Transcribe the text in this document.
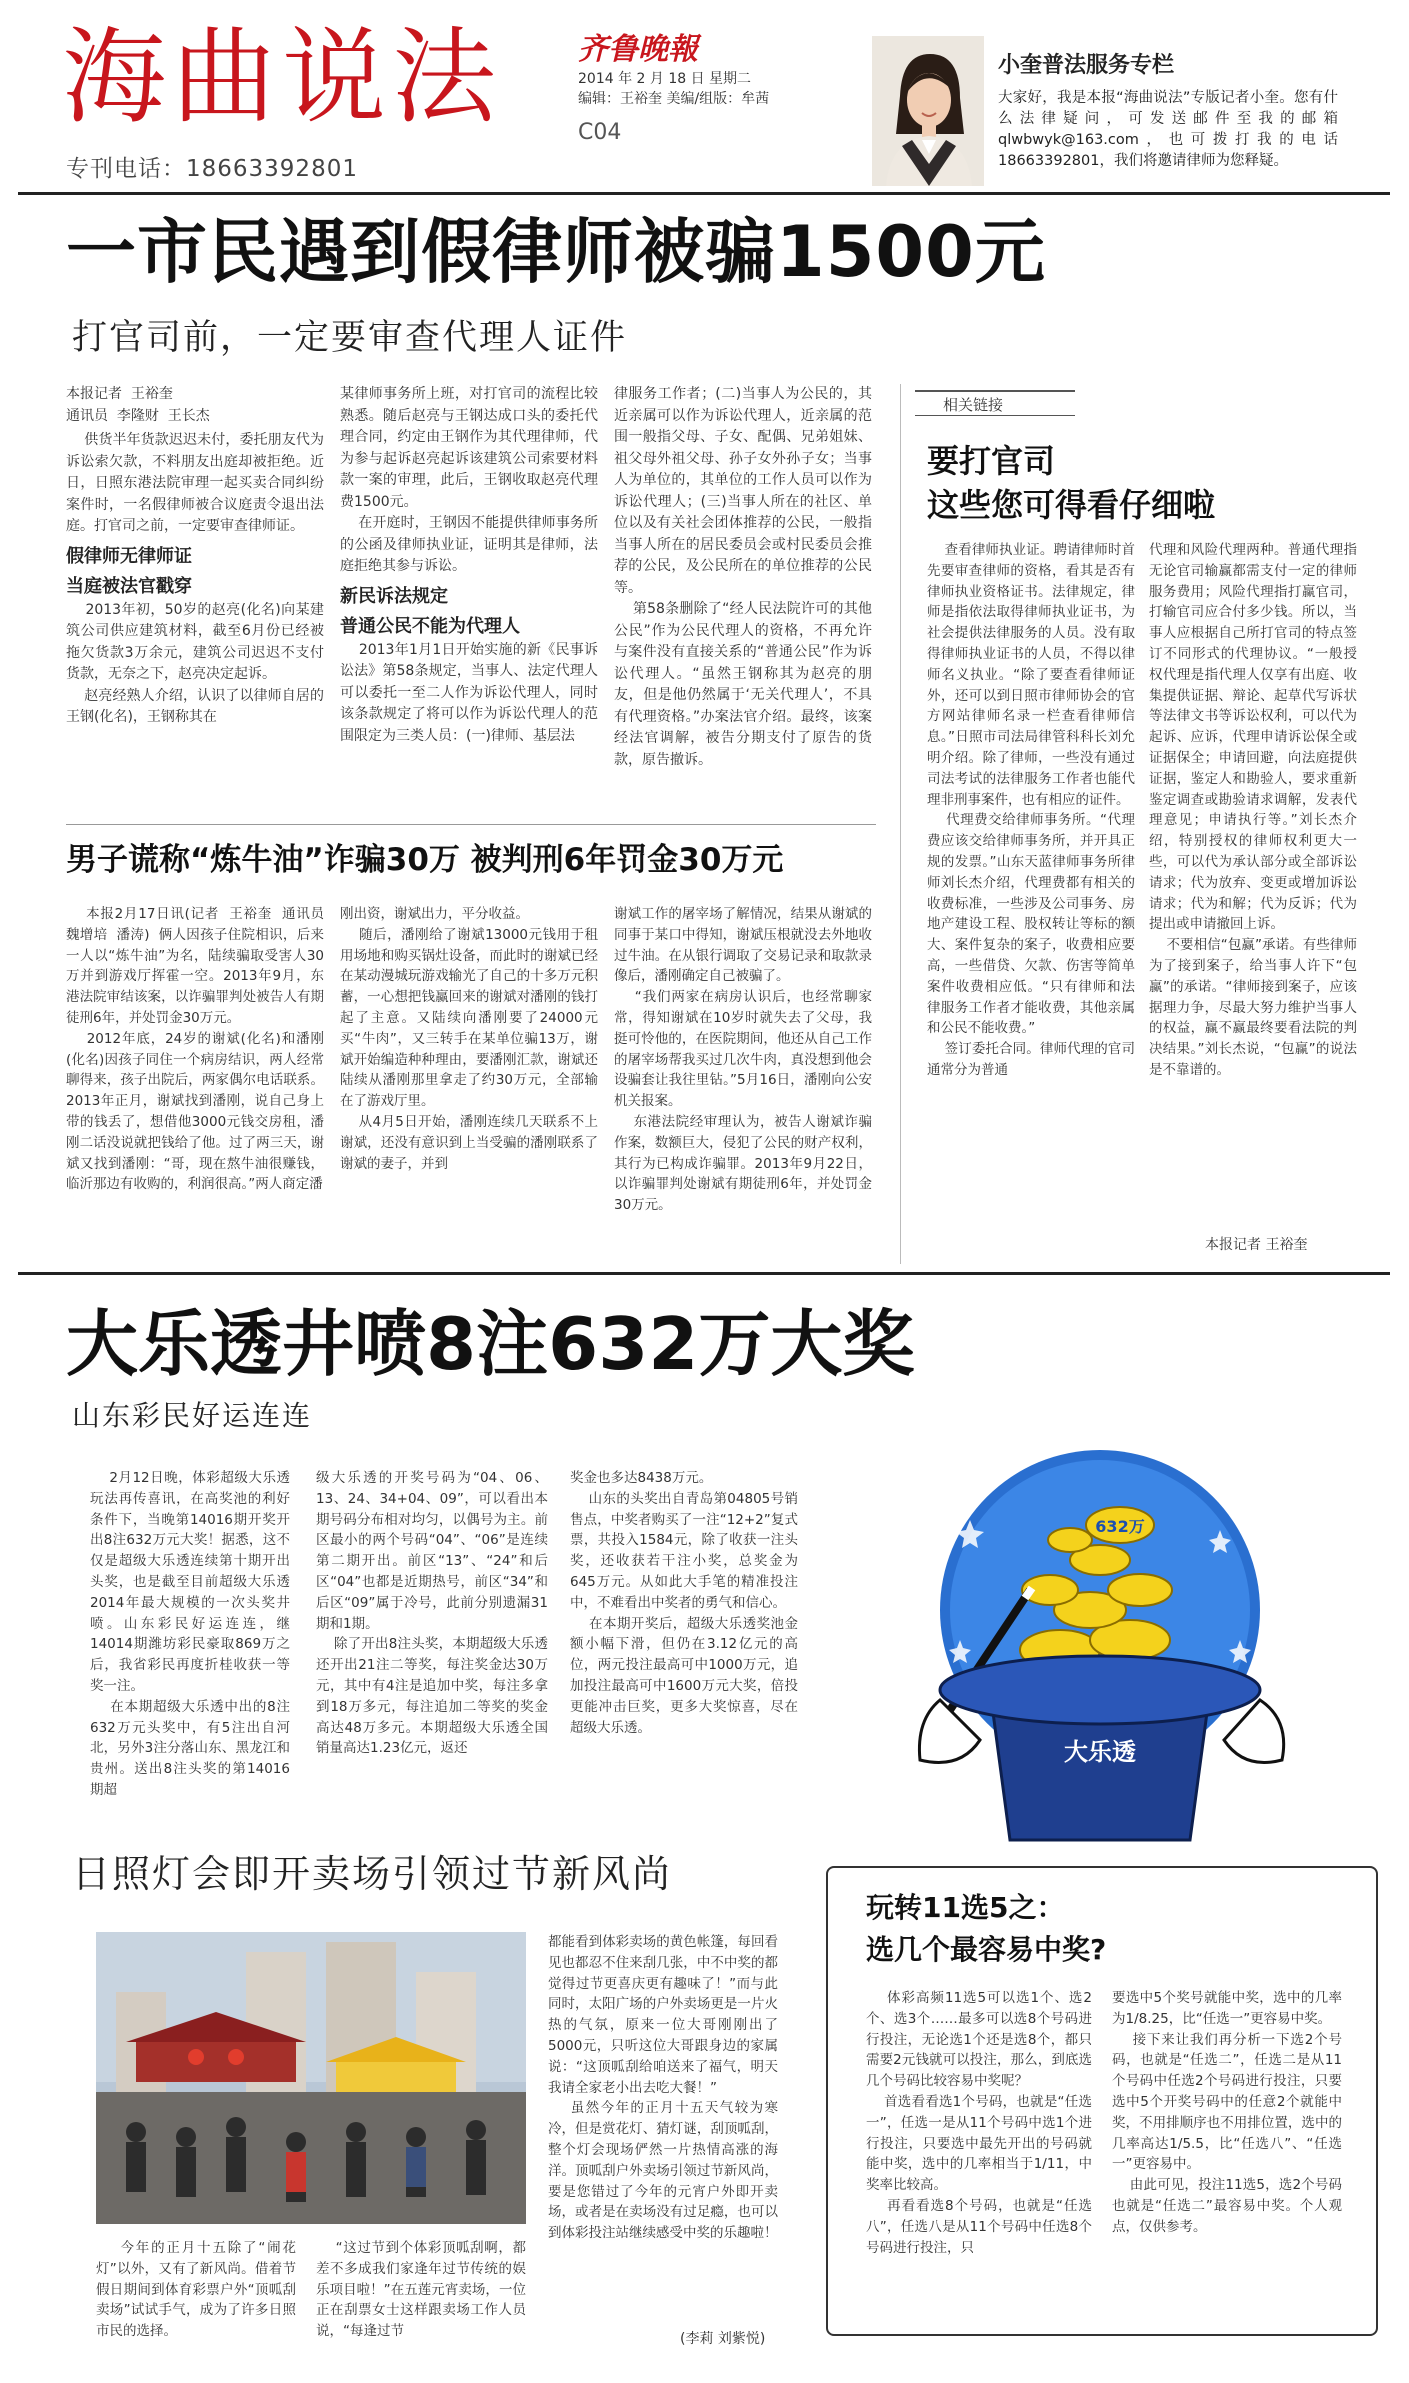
海曲说法
专刊电话：18663392801
齐鲁晚報
2014 年 2 月 18 日 星期二
编辑：王裕奎 美编/组版：牟茜
C04
小奎普法服务专栏
大家好，我是本报“海曲说法”专版记者小奎。您有什么法律疑问，可发送邮件至我的邮箱qlwbwyk@163.com，也可拨打我的电话18663392801，我们将邀请律师为您释疑。
一市民遇到假律师被骗1500元
打官司前，一定要审查代理人证件
本报记者  王裕奎
通讯员  李隆财  王长杰
供货半年货款迟迟未付，委托朋友代为诉讼索欠款，不料朋友出庭却被拒绝。近日，日照东港法院审理一起买卖合同纠纷案件时，一名假律师被合议庭责令退出法庭。打官司之前，一定要审查律师证。
假律师无律师证
当庭被法官戳穿
2013年初，50岁的赵亮(化名)向某建筑公司供应建筑材料，截至6月份已经被拖欠货款3万余元，建筑公司迟迟不支付货款，无奈之下，赵亮决定起诉。
赵亮经熟人介绍，认识了以律师自居的王钢(化名)，王钢称其在
某律师事务所上班，对打官司的流程比较熟悉。随后赵亮与王钢达成口头的委托代理合同，约定由王钢作为其代理律师，代为参与起诉赵亮起诉该建筑公司索要材料款一案的审理，此后，王钢收取赵亮代理费1500元。
在开庭时，王钢因不能提供律师事务所的公函及律师执业证，证明其是律师，法庭拒绝其参与诉讼。
新民诉法规定
普通公民不能为代理人
2013年1月1日开始实施的新《民事诉讼法》第58条规定，当事人、法定代理人可以委托一至二人作为诉讼代理人，同时该条款规定了将可以作为诉讼代理人的范围限定为三类人员：(一)律师、基层法
律服务工作者；(二)当事人为公民的，其近亲属可以作为诉讼代理人，近亲属的范围一般指父母、子女、配偶、兄弟姐妹、祖父母外祖父母、孙子女外孙子女；当事人为单位的，其单位的工作人员可以作为诉讼代理人；(三)当事人所在的社区、单位以及有关社会团体推荐的公民，一般指当事人所在的居民委员会或村民委员会推荐的公民，及公民所在的单位推荐的公民等。
第58条删除了“经人民法院许可的其他公民”作为公民代理人的资格，不再允许与案件没有直接关系的“普通公民”作为诉讼代理人。“虽然王钢称其为赵亮的朋友，但是他仍然属于‘无关代理人’，不具有代理资格。”办案法官介绍。最终，该案经法官调解，被告分期支付了原告的货款，原告撤诉。
相关链接
要打官司
这些您可得看仔细啦
查看律师执业证。聘请律师时首先要审查律师的资格，看其是否有律师执业资格证书。法律规定，律师是指依法取得律师执业证书，为社会提供法律服务的人员。没有取得律师执业证书的人员，不得以律师名义执业。“除了要查看律师证外，还可以到日照市律师协会的官方网站律师名录一栏查看律师信息。”日照市司法局律管科科长刘允明介绍。除了律师，一些没有通过司法考试的法律服务工作者也能代理非刑事案件，也有相应的证件。
代理费交给律师事务所。“代理费应该交给律师事务所，并开具正规的发票。”山东天蓝律师事务所律师刘长杰介绍，代理费都有相关的收费标准，一些涉及公司事务、房地产建设工程、股权转让等标的额大、案件复杂的案子，收费相应要高，一些借贷、欠款、伤害等简单案件收费相应低。“只有律师和法律服务工作者才能收费，其他亲属和公民不能收费。”
签订委托合同。律师代理的官司通常分为普通
代理和风险代理两种。普通代理指无论官司输赢都需支付一定的律师服务费用；风险代理指打赢官司，打输官司应合付多少钱。所以，当事人应根据自己所打官司的特点签订不同形式的代理协议。“一般授权代理是指代理人仅享有出庭、收集提供证据、辩论、起草代写诉状等法律文书等诉讼权利，可以代为起诉、应诉，代理申请诉讼保全或证据保全；申请回避，向法庭提供证据，鉴定人和勘验人，要求重新鉴定调查或勘验请求调解，发表代理意见；申请执行等。”刘长杰介绍，特别授权的律师权利更大一些，可以代为承认部分或全部诉讼请求；代为放弃、变更或增加诉讼请求；代为和解；代为反诉；代为提出或申请撤回上诉。
不要相信“包赢”承诺。有些律师为了接到案子，给当事人许下“包赢”的承诺。“律师接到案子，应该据理力争，尽最大努力维护当事人的权益，赢不赢最终要看法院的判决结果。”刘长杰说，“包赢”的说法是不靠谱的。
本报记者 王裕奎
男子谎称“炼牛油”诈骗30万 被判刑6年罚金30万元
本报2月17日讯(记者  王裕奎  通讯员  魏增培  潘涛)  俩人因孩子住院相识，后来一人以“炼牛油”为名，陆续骗取受害人30万并到游戏厅挥霍一空。2013年9月，东港法院审结该案，以诈骗罪判处被告人有期徒刑6年，并处罚金30万元。
2012年底，24岁的谢斌(化名)和潘刚(化名)因孩子同住一个病房结识，两人经常聊得来，孩子出院后，两家偶尔电话联系。2013年正月，谢斌找到潘刚，说自己身上带的钱丢了，想借他3000元钱交房租，潘刚二话没说就把钱给了他。过了两三天，谢斌又找到潘刚：“哥，现在熬牛油很赚钱，临沂那边有收购的，利润很高。”两人商定潘
刚出资，谢斌出力，平分收益。
随后，潘刚给了谢斌13000元钱用于租用场地和购买锅灶设备，而此时的谢斌已经在某动漫城玩游戏输光了自己的十多万元积蓄，一心想把钱赢回来的谢斌对潘刚的钱打起了主意。又陆续向潘刚要了24000元买“牛肉”，又三转手在某单位骗13万，谢斌开始编造种种理由，要潘刚汇款，谢斌还陆续从潘刚那里拿走了约30万元，全部输在了游戏厅里。
从4月5日开始，潘刚连续几天联系不上谢斌，还没有意识到上当受骗的潘刚联系了谢斌的妻子，并到
谢斌工作的屠宰场了解情况，结果从谢斌的同事于某口中得知，谢斌压根就没去外地收过牛油。在从银行调取了交易记录和取款录像后，潘刚确定自己被骗了。
“我们两家在病房认识后，也经常聊家常，得知谢斌在10岁时就失去了父母，我挺可怜他的，在医院期间，他还从自己工作的屠宰场帮我买过几次牛肉，真没想到他会设骗套让我往里钻。”5月16日，潘刚向公安机关报案。
东港法院经审理认为，被告人谢斌诈骗作案，数额巨大，侵犯了公民的财产权利，其行为已构成诈骗罪。2013年9月22日，以诈骗罪判处谢斌有期徒刑6年，并处罚金30万元。
大乐透井喷8注632万大奖
山东彩民好运连连
2月12日晚，体彩超级大乐透玩法再传喜讯，在高奖池的利好条件下，当晚第14016期开奖开出8注632万元大奖！据悉，这不仅是超级大乐透连续第十期开出头奖，也是截至目前超级大乐透2014年最大规模的一次头奖井喷。山东彩民好运连连，继14014期潍坊彩民豪取869万之后，我省彩民再度折桂收获一等奖一注。
在本期超级大乐透中出的8注632万元头奖中，有5注出自河北，另外3注分落山东、黑龙江和贵州。送出8注头奖的第14016期超
级大乐透的开奖号码为“04、06、13、24、34+04、09”，可以看出本期号码分布相对均匀，以偶号为主。前区最小的两个号码“04”、“06”是连续第二期开出。前区“13”、“24”和后区“04”也都是近期热号，前区“34”和后区“09”属于冷号，此前分别遗漏31期和1期。
除了开出8注头奖，本期超级大乐透还开出21注二等奖，每注奖金达30万元，其中有4注是追加中奖，每注多拿到18万多元，每注追加二等奖的奖金高达48万多元。本期超级大乐透全国销量高达1.23亿元，返还
奖金也多达8438万元。
山东的头奖出自青岛第04805号销售点，中奖者购买了一注“12+2”复式票，共投入1584元，除了收获一注头奖，还收获若干注小奖，总奖金为645万元。从如此大手笔的精准投注中，不难看出中奖者的勇气和信心。
在本期开奖后，超级大乐透奖池金额小幅下滑，但仍在3.12亿元的高位，两元投注最高可中1000万元，追加投注最高可中1600万元大奖，倍投更能冲击巨奖，更多大奖惊喜，尽在超级大乐透。
632万
大乐透
日照灯会即开卖场引领过节新风尚
今年的正月十五除了“闹花灯”以外，又有了新风尚。借着节假日期间到体育彩票户外“顶呱刮卖场”试试手气，成为了许多日照市民的选择。
“这过节到个体彩顶呱刮啊，都差不多成我们家逢年过节传统的娱乐项目啦！”在五莲元宵卖场，一位正在刮票女士这样跟卖场工作人员说，“每逢过节
都能看到体彩卖场的黄色帐篷，每回看见也都忍不住来刮几张，中不中奖的都觉得过节更喜庆更有趣味了！”而与此同时，太阳广场的户外卖场更是一片火热的气氛，原来一位大哥刚刚出了5000元，只听这位大哥跟身边的家属说：“这顶呱刮给咱送来了福气，明天我请全家老小出去吃大餐！”
虽然今年的正月十五天气较为寒冷，但是赏花灯、猜灯谜，刮顶呱刮，整个灯会现场俨然一片热情高涨的海洋。顶呱刮户外卖场引领过节新风尚，要是您错过了今年的元宵户外即开卖场，或者是在卖场没有过足瘾，也可以到体彩投注站继续感受中奖的乐趣啦！
(李莉 刘紫悦)
玩转11选5之：
选几个最容易中奖?
体彩高频11选5可以选1个、选2个、选3个……最多可以选8个号码进行投注，无论选1个还是选8个，都只需要2元钱就可以投注，那么，到底选几个号码比较容易中奖呢？
首选看看选1个号码，也就是“任选一”，任选一是从11个号码中选1个进行投注，只要选中最先开出的号码就能中奖，选中的几率相当于1/11，中奖率比较高。
再看看选8个号码，也就是“任选八”，任选八是从11个号码中任选8个号码进行投注，只
要选中5个奖号就能中奖，选中的几率为1/8.25，比“任选一”更容易中奖。
接下来让我们再分析一下选2个号码，也就是“任选二”，任选二是从11个号码中任选2个号码进行投注，只要选中5个开奖号码中的任意2个就能中奖，不用排顺序也不用排位置，选中的几率高达1/5.5，比“任选八”、“任选一”更容易中。
由此可见，投注11选5，选2个号码也就是“任选二”最容易中奖。个人观点，仅供参考。
